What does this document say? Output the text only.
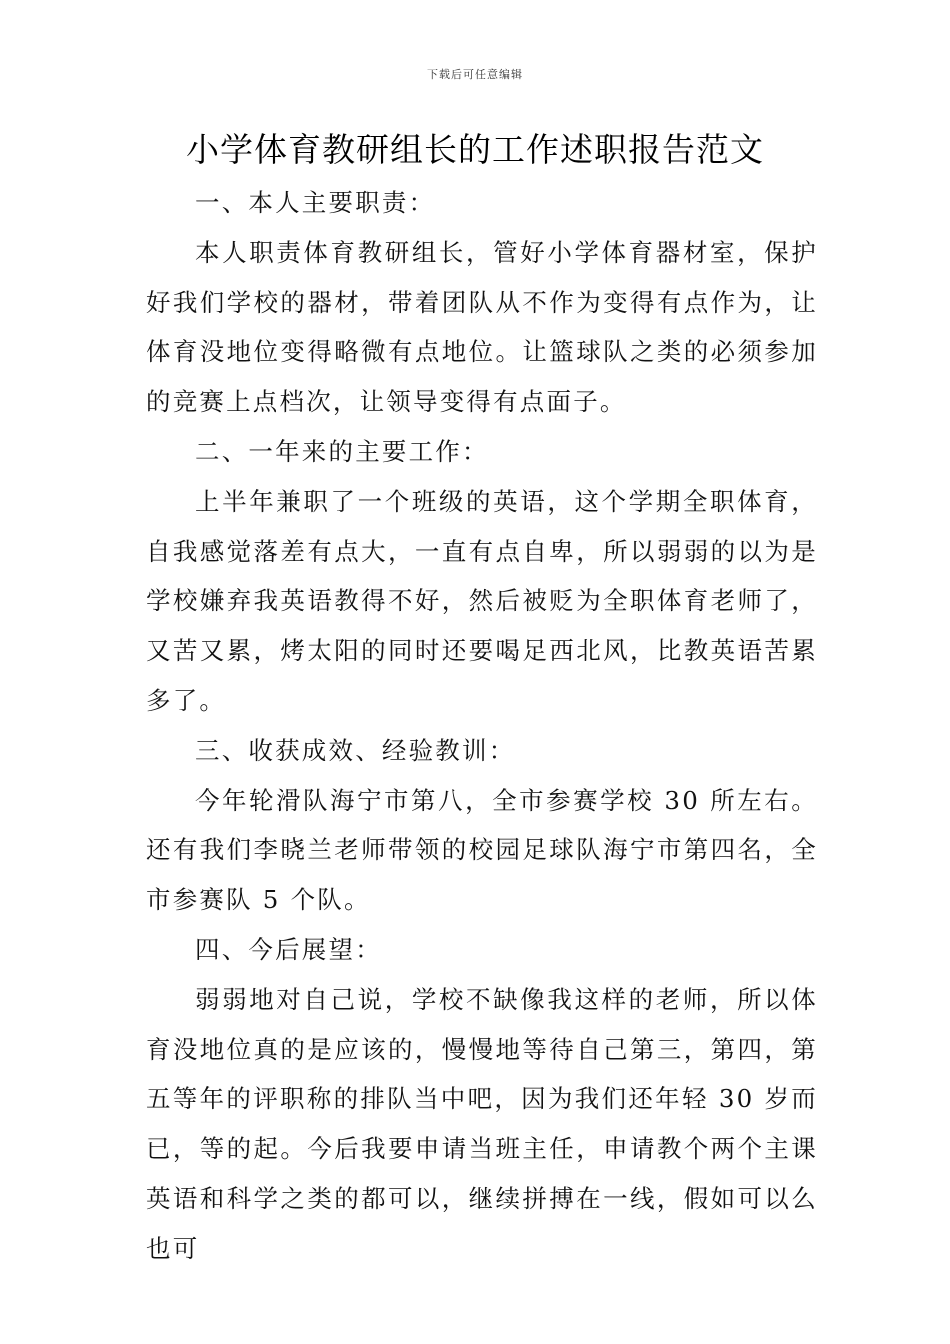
下载后可任意编辑
小学体育教研组长的工作述职报告范文

一、本人主要职责：

本人职责体育教研组长，管好小学体育器材室，保护好我们学校的器材，带着团队从不作为变得有点作为，让体育没地位变得略微有点地位。让篮球队之类的必须参加的竞赛上点档次，让领导变得有点面子。

二、一年来的主要工作：

上半年兼职了一个班级的英语，这个学期全职体育，自我感觉落差有点大，一直有点自卑，所以弱弱的以为是学校嫌弃我英语教得不好，然后被贬为全职体育老师了，又苦又累，烤太阳的同时还要喝足西北风，比教英语苦累多了。

三、收获成效、经验教训：

今年轮滑队海宁市第八，全市参赛学校 30 所左右。还有我们李晓兰老师带领的校园足球队海宁市第四名，全市参赛队 5 个队。

四、今后展望：

弱弱地对自己说，学校不缺像我这样的老师，所以体育没地位真的是应该的，慢慢地等待自己第三，第四，第五等年的评职称的排队当中吧，因为我们还年轻 30 岁而已，等的起。今后我要申请当班主任，申请教个两个主课英语和科学之类的都可以，继续拼搏在一线，假如可以么也可
